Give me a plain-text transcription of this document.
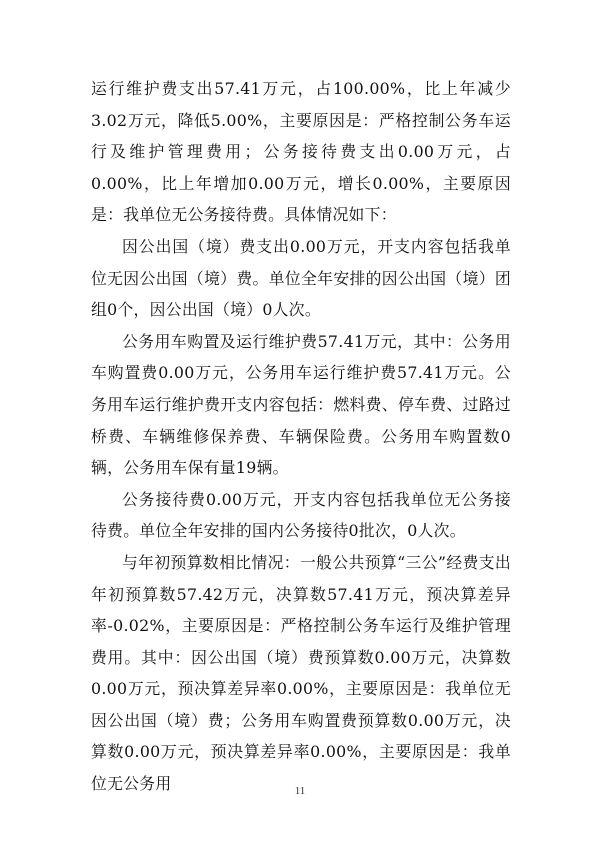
运行维护费支出57.41万元，占100.00%，比上年减少3.02万元，降低5.00%，主要原因是：严格控制公务车运行及维护管理费用；公务接待费支出0.00万元，占0.00%，比上年增加0.00万元，增长0.00%，主要原因是：我单位无公务接待费。具体情况如下：

因公出国（境）费支出0.00万元，开支内容包括我单位无因公出国（境）费。单位全年安排的因公出国（境）团组0个，因公出国（境）0人次。

公务用车购置及运行维护费57.41万元，其中：公务用车购置费0.00万元，公务用车运行维护费57.41万元。公务用车运行维护费开支内容包括：燃料费、停车费、过路过桥费、车辆维修保养费、车辆保险费。公务用车购置数0辆，公务用车保有量19辆。

公务接待费0.00万元，开支内容包括我单位无公务接待费。单位全年安排的国内公务接待0批次，0人次。

与年初预算数相比情况：一般公共预算“三公”经费支出年初预算数57.42万元，决算数57.41万元，预决算差异率-0.02%，主要原因是：严格控制公务车运行及维护管理费用。其中：因公出国（境）费预算数0.00万元，决算数0.00万元，预决算差异率0.00%，主要原因是：我单位无因公出国（境）费；公务用车购置费预算数0.00万元，决算数0.00万元，预决算差异率0.00%，主要原因是：我单位无公务用	11
